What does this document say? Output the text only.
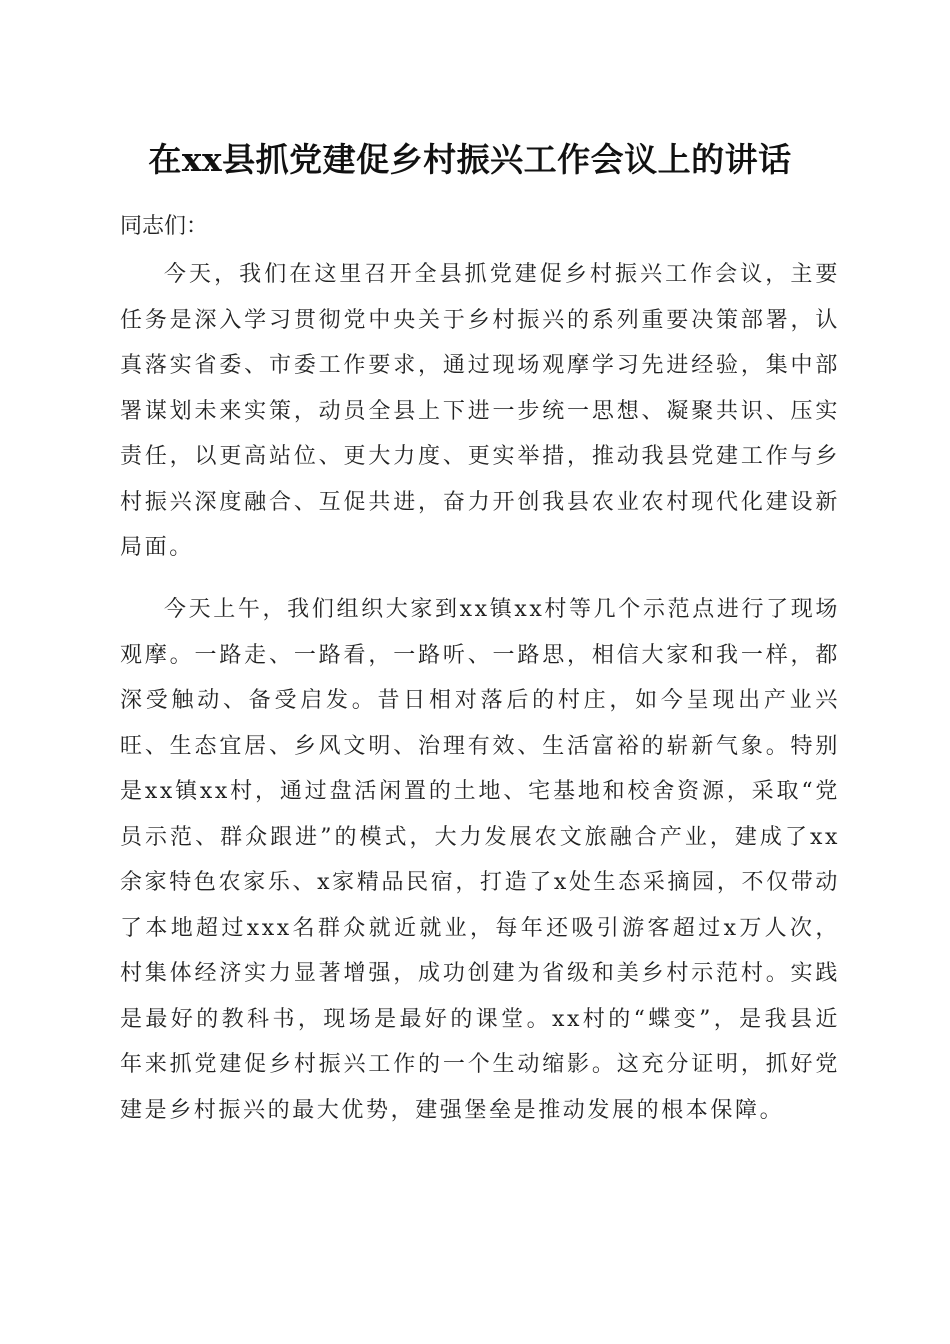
在xx县抓党建促乡村振兴工作会议上的讲话
同志们：

今天，我们在这里召开全县抓党建促乡村振兴工作会议，主要任务是深入学习贯彻党中央关于乡村振兴的系列重要决策部署，认真落实省委、市委工作要求，通过现场观摩学习先进经验，集中部署谋划未来实策，动员全县上下进一步统一思想、凝聚共识、压实责任，以更高站位、更大力度、更实举措，推动我县党建工作与乡村振兴深度融合、互促共进，奋力开创我县农业农村现代化建设新局面。

今天上午，我们组织大家到xx镇xx村等几个示范点进行了现场观摩。一路走、一路看，一路听、一路思，相信大家和我一样，都深受触动、备受启发。昔日相对落后的村庄，如今呈现出产业兴旺、生态宜居、乡风文明、治理有效、生活富裕的崭新气象。特别是xx镇xx村，通过盘活闲置的土地、宅基地和校舍资源，采取“党员示范、群众跟进”的模式，大力发展农文旅融合产业，建成了xx余家特色农家乐、x家精品民宿，打造了x处生态采摘园，不仅带动了本地超过xxx名群众就近就业，每年还吸引游客超过x万人次，村集体经济实力显著增强，成功创建为省级和美乡村示范村。实践是最好的教科书，现场是最好的课堂。xx村的“蝶变”，是我县近年来抓党建促乡村振兴工作的一个生动缩影。这充分证明，抓好党建是乡村振兴的最大优势，建强堡垒是推动发展的根本保障。
